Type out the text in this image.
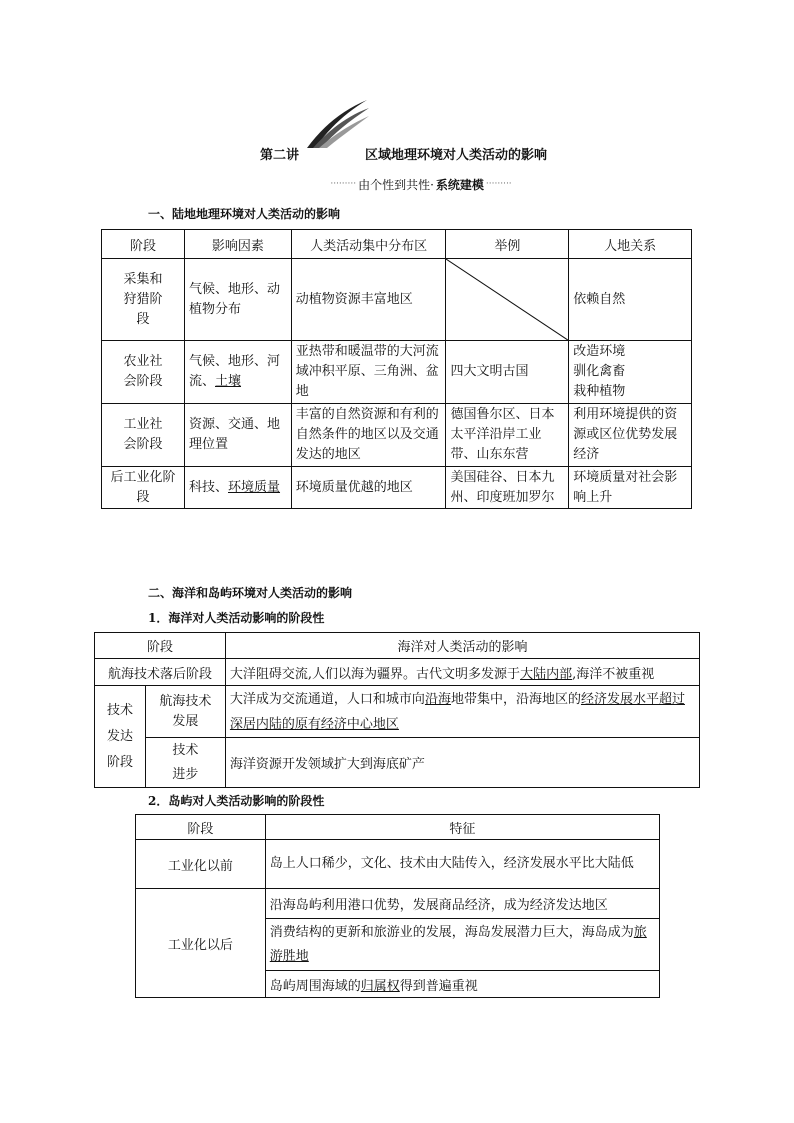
第二讲	区域地理环境对人类活动的影响
········· 由个性到共性· 系统建模 ·········
一、陆地地理环境对人类活动的影响
阶段	影响因素	人类活动集中分布区	举例	人地关系

采集和狩猎阶段	气候、地形、动植物分布	动植物资源丰富地区		依赖自然

农业社会阶段	气候、地形、河流、土壤	亚热带和暖温带的大河流域冲积平原、三角洲、盆地	四大文明古国	改造环境
驯化禽畜
栽种植物

工业社会阶段	资源、交通、地理位置	丰富的自然资源和有利的自然条件的地区以及交通发达的地区	德国鲁尔区、日本太平洋沿岸工业带、山东东营	利用环境提供的资源或区位优势发展经济

后工业化阶段	科技、环境质量	环境质量优越的地区	美国硅谷、日本九州、印度班加罗尔	环境质量对社会影响上升
二、海洋和岛屿环境对人类活动的影响
1．海洋对人类活动影响的阶段性
阶段		海洋对人类活动的影响
航海技术落后阶段		大洋阻碍交流,人们以海为疆界。古代文明多发源于大陆内部,海洋不被重视

技术发达阶段	航海技术发展	大洋成为交流通道，人口和城市向沿海地带集中，沿海地区的经济发展水平超过深居内陆的原有经济中心地区

	技术进步	海洋资源开发领域扩大到海底矿产
2．岛屿对人类活动影响的阶段性
阶段	特征
工业化以前	岛上人口稀少，文化、技术由大陆传入，经济发展水平比大陆低
工业化以后	沿海岛屿利用港口优势，发展商品经济，成为经济发达地区
	消费结构的更新和旅游业的发展，海岛发展潜力巨大，海岛成为旅游胜地
	岛屿周围海域的归属权得到普遍重视
